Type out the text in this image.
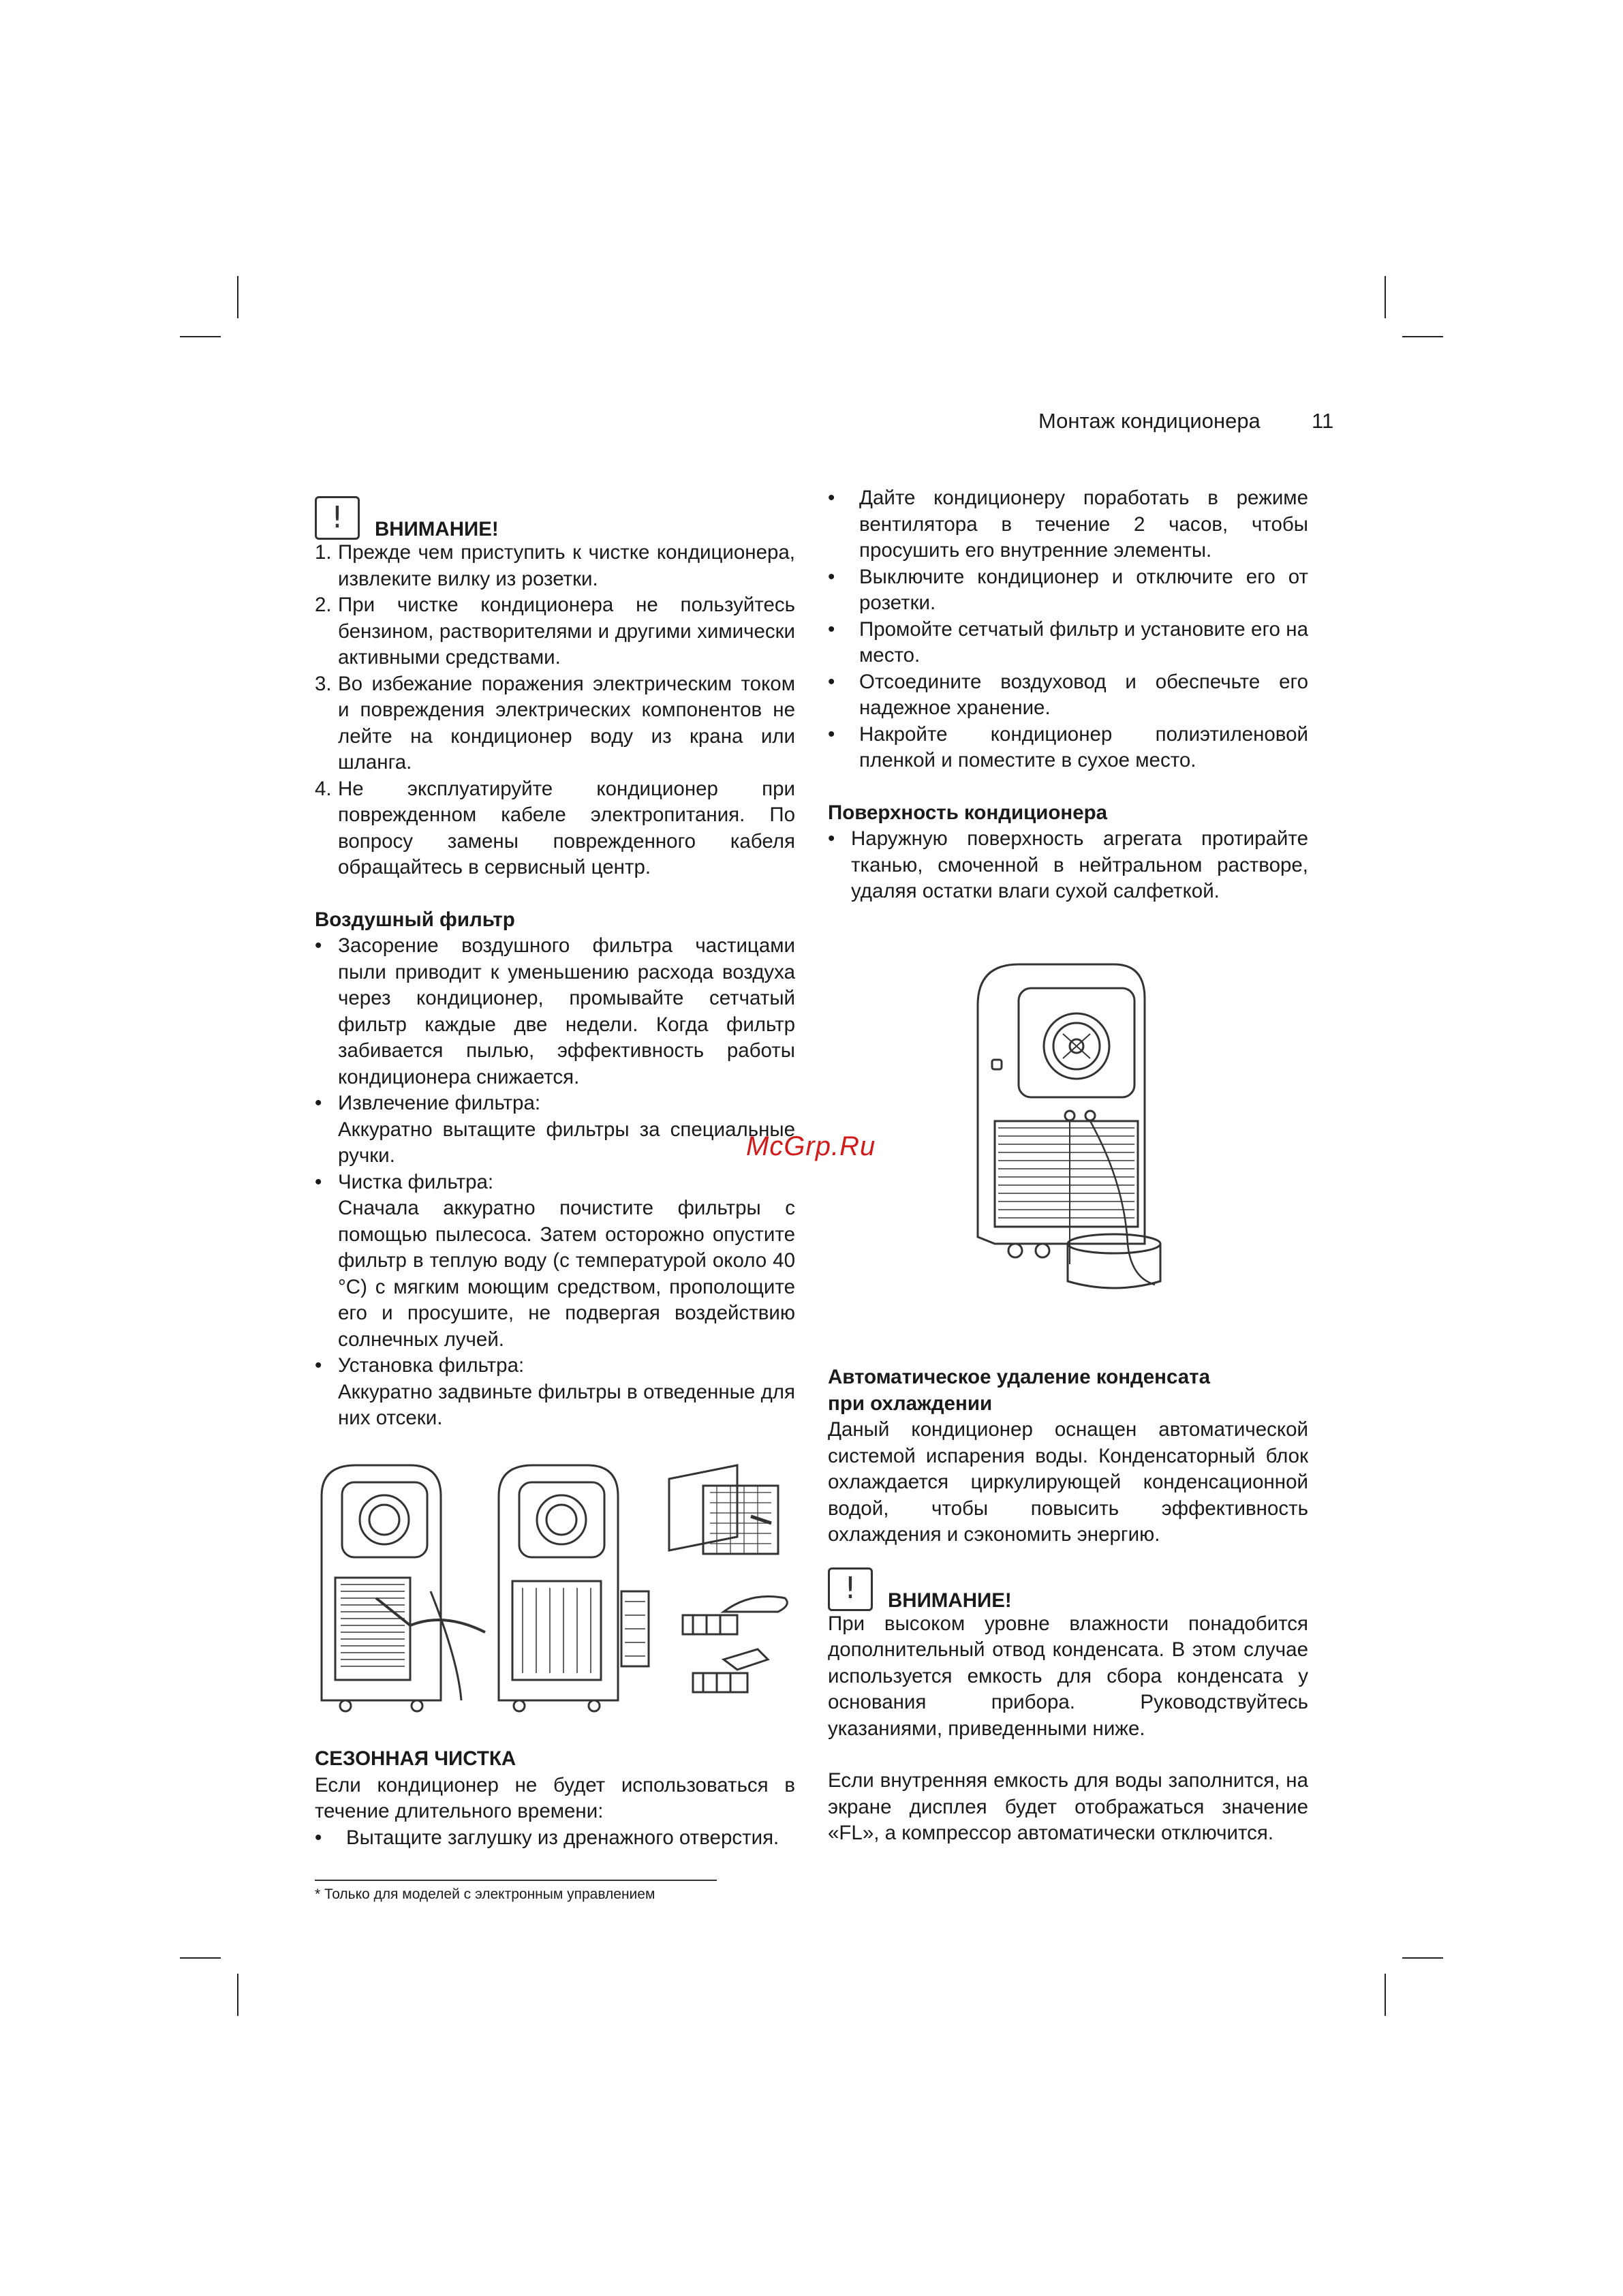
Монтаж кондиционера 11
!	ВНИМАНИЕ!
1. Прежде чем приступить к чистке кондиционера, извлеките вилку из розетки.
2. При чистке кондиционера не пользуйтесь бензином, растворителями и другими химически активными средствами.
3. Во избежание поражения электрическим током и повреждения электрических компонентов не лейте на кондиционер воду из крана или шланга.
4. Не эксплуатируйте кондиционер при поврежденном кабеле электропитания. По вопросу замены поврежденного кабеля обращайтесь в сервисный центр.

Воздушный фильтр

• Засорение воздушного фильтра частицами пыли приводит к уменьшению расхода воздуха через кондиционер, промывайте сетчатый фильтр каждые две недели. Когда фильтр забивается пылью, эффективность работы кондиционера снижается.
• Извлечение фильтра:
Аккуратно вытащите фильтры за специальные ручки.
• Чистка фильтра:
Сначала аккуратно почистите фильтры с помощью пылесоса. Затем осторожно опустите фильтр в теплую воду (с температурой около 40 °C) с мягким моющим средством, прополощите его и просушите, не подвергая воздействию солнечных лучей.
• Установка фильтра:
Аккуратно задвиньте фильтры в отведенные для них отсеки.

СЕЗОННАЯ ЧИСТКА

Если кондиционер не будет использоваться в течение длительного времени:

•	Вытащите заглушку из дренажного отверстия.
* Только для моделей с электронным управлением
•	Дайте кондиционеру поработать в режиме вентилятора в течение 2 часов, чтобы просушить его внутренние элементы.
•	Выключите кондиционер и отключите его от розетки.
•	Промойте сетчатый фильтр и установите его на место.
•	Отсоедините воздуховод и обеспечьте его надежное хранение.
•	Накройте кондиционер полиэтиленовой пленкой и поместите в сухое место.

Поверхность кондиционера

• Наружную поверхность агрегата протирайте тканью, смоченной в нейтральном растворе, удаляя остатки влаги сухой салфеткой.
McGrp.Ru

Автоматическое удаление конденсата

при охлаждении

Даный кондиционер оснащен автоматической системой испарения воды. Конденсаторный блок охлаждается циркулирующей конденсационной водой, чтобы повысить эффективность охлаждения и сэкономить энергию.

!	ВНИМАНИЕ!

При высоком уровне влажности понадобится дополнительный отвод конденсата. В этом случае используется емкость для сбора конденсата у основания прибора. Руководствуйтесь указаниями, приведенными ниже.

Если внутренняя емкость для воды заполнится, на экране дисплея будет отображаться значение «FL», а компрессор автоматически отключится.
